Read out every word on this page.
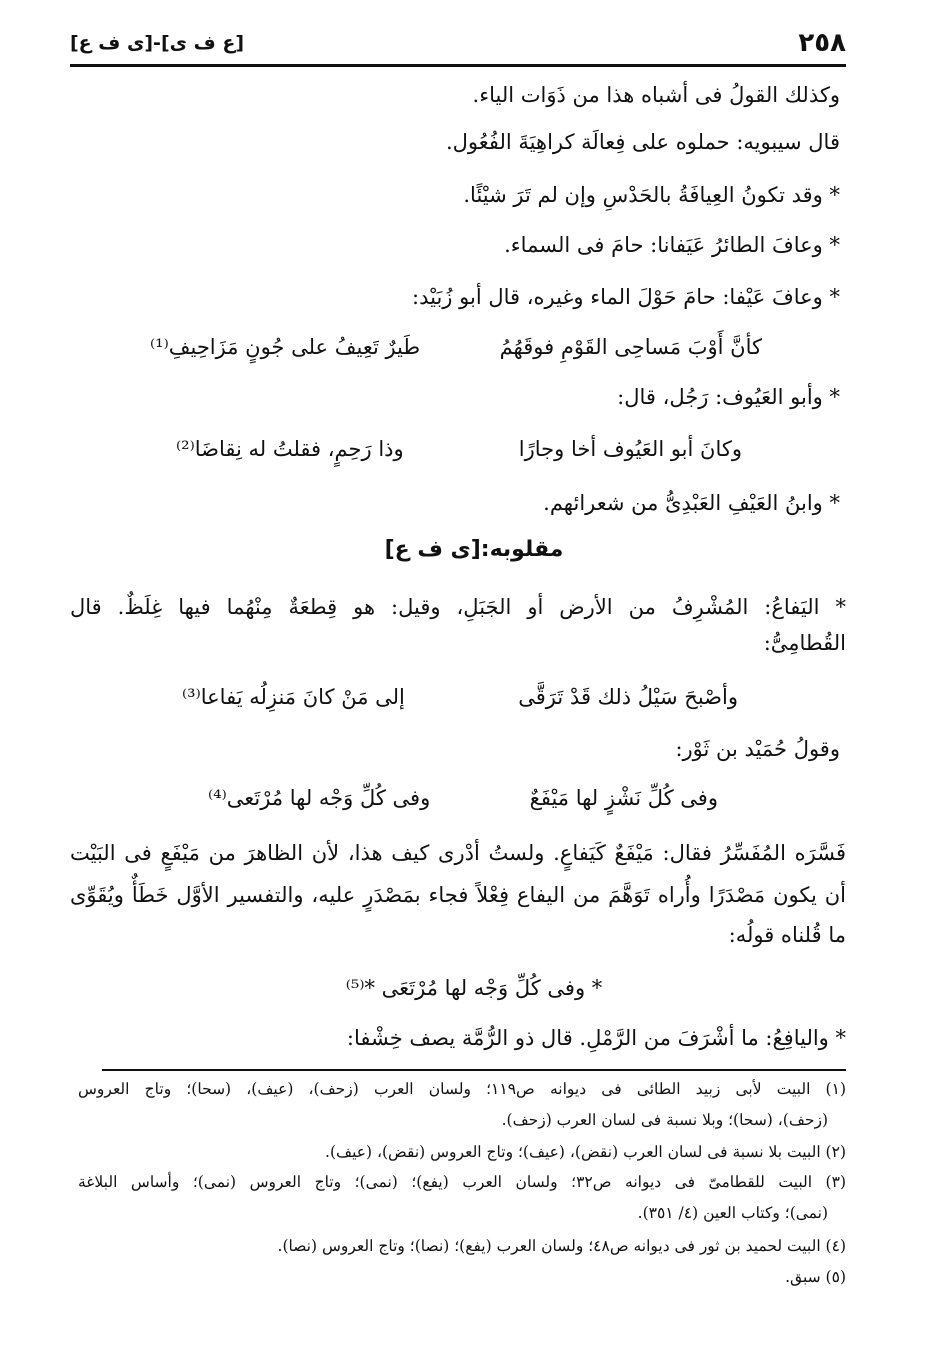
٢٥٨
[ع ف ى]-[ى ف ع]
وكذلك القولُ فى أشباه هذا من ذَوَات الياء.
قال سيبويه: حملوه على فِعالَة كراهِيَةَ الفُعُول.
* وقد تكونُ العِيافَةُ بالحَدْسِ وإن لم تَرَ شيْئًا.
* وعافَ الطائرُ عَيَفانا: حامَ فى السماء.
* وعافَ عَيْفا: حامَ حَوْلَ الماء وغيره، قال أبو زُبَيْد:
كأنَّ أَوْبَ مَساحِى القَوْمِ فوقَهُمُ
طَيرٌ تَعِيفُ على جُونٍ مَزَاحِيفِ⁽¹⁾
* وأبو العَيُوف: رَجُل، قال:
وكانَ أبو العَيُوف أخا وجارًا
وذا رَحِمٍ، فقلتُ له نِقاضَا⁽²⁾
* وابنُ العَيْفِ العَبْدِىُّ من شعرائهم.
مقلوبه:[ى ف ع]
* اليَفاعُ: المُشْرِفُ من الأرض أو الجَبَلِ، وقيل: هو قِطعَةٌ مِنْهُما فيها غِلَظٌ. قال
القُطامِىُّ:
وأصْبحَ سَيْلُ ذلك قَدْ تَرَقَّى
إلى مَنْ كانَ مَنزِلُه يَفاعا⁽³⁾
وقولُ حُمَيْد بن ثَوْر:
وفى كُلِّ نَشْزٍ لها مَيْفَعٌ
وفى كُلِّ وَجْه لها مُرْتَعى⁽⁴⁾
فَسَّرَه المُفَسِّرُ فقال: مَيْفَعٌ كَيَفاعٍ. ولستُ أدْرى كيف هذا، لأن الظاهرَ من مَيْفَعٍ فى البَيْت
أن يكون مَصْدَرًا وأُراه تَوَهَّمَ من اليفاع فِعْلاً فجاء بمَصْدَرٍ عليه، والتفسير الأوَّل خَطَأٌ ويُقَوِّى
ما قُلناه قولُه:
* وفى كُلِّ وَجْه لها مُرْتَعَى *⁽⁵⁾
* واليافِعُ: ما أشْرَفَ من الرَّمْلِ. قال ذو الرُّمَّة يصف خِشْفا:
(١) البيت لأبى زبيد الطائى فى ديوانه ص١١٩؛ ولسان العرب (زحف)، (عيف)، (سحا)؛ وتاج العروس
(زحف)، (سحا)؛ وبلا نسبة فى لسان العرب (زحف).
(٢) البيت بلا نسبة فى لسان العرب (نقض)، (عيف)؛ وتاج العروس (نقض)، (عيف).
(٣) البيت للقطامىّ فى ديوانه ص٣٢؛ ولسان العرب (يفع)؛ (نمى)؛ وتاج العروس (نمى)؛ وأساس البلاغة
(نمى)؛ وكتاب العين (٤/ ٣٥١).
(٤) البيت لحميد بن ثور فى ديوانه ص٤٨؛ ولسان العرب (يفع)؛ (نصا)؛ وتاج العروس (نصا).
(٥) سبق.
